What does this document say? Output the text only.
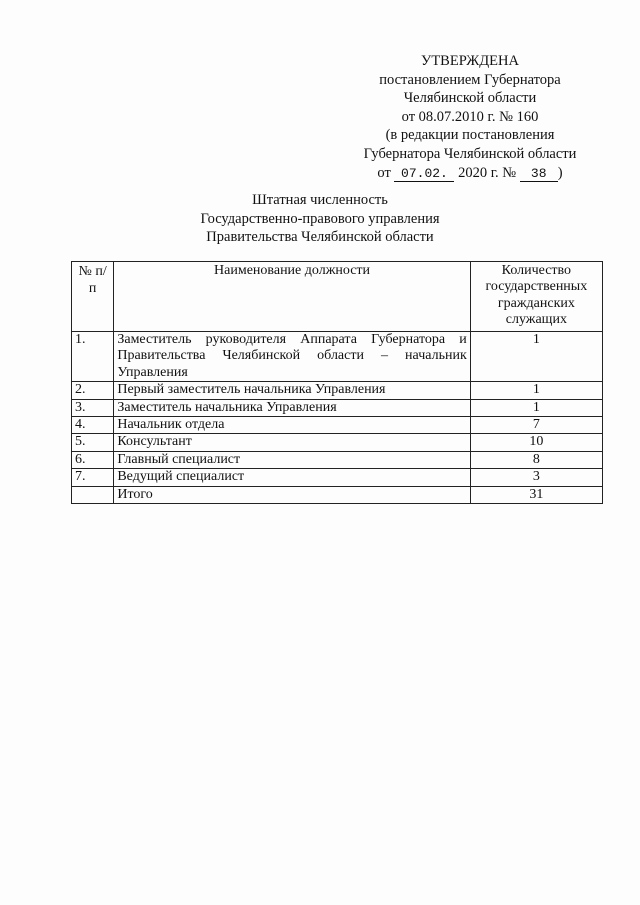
УТВЕРЖДЕНА
постановлением Губернатора
Челябинской области
от 08.07.2010 г. № 160
(в редакции постановления
Губернатора Челябинской области
от 07.02. 2020 г. № 38 )
Штатная численность
Государственно-правового управления
Правительства Челябинской области
№ п/п	Наименование должности	Количество государственных гражданских служащих
1.	Заместитель руководителя Аппарата Губернатора и Правительства Челябинской области – начальник Управления	1
2.	Первый заместитель начальника Управления	1
3.	Заместитель начальника Управления	1
4.	Начальник отдела	7
5.	Консультант	10
6.	Главный специалист	8
7.	Ведущий специалист	3
	Итого	31
